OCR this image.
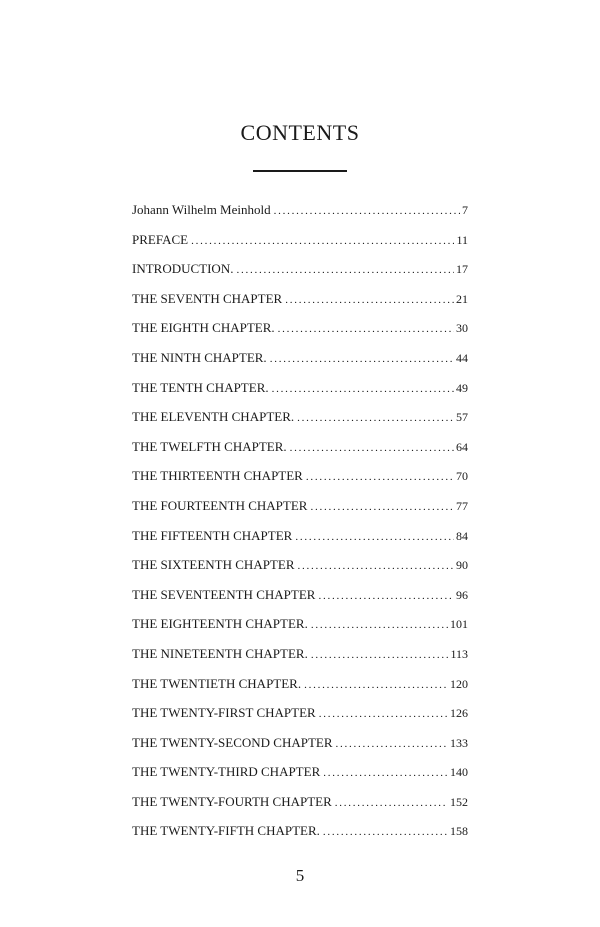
CONTENTS
Johann Wilhelm Meinhold . . .	7
PREFACE . . .	11
INTRODUCTION. . . .	17
THE SEVENTH CHAPTER . . .	21
THE EIGHTH CHAPTER. . . .	30
THE NINTH CHAPTER. . . .	44
THE TENTH CHAPTER. . . .	49
THE ELEVENTH CHAPTER. . . .	57
THE TWELFTH CHAPTER. . . .	64
THE THIRTEENTH CHAPTER . . .	70
THE FOURTEENTH CHAPTER . . .	77
THE FIFTEENTH CHAPTER . . .	84
THE SIXTEENTH CHAPTER . . .	90
THE SEVENTEENTH CHAPTER . . .	96
THE EIGHTEENTH CHAPTER. . . .	101
THE NINETEENTH CHAPTER. . . .	113
THE TWENTIETH CHAPTER. . . .	120
THE TWENTY-FIRST CHAPTER . . .	126
THE TWENTY-SECOND CHAPTER . . .	133
THE TWENTY-THIRD CHAPTER . . .	140
THE TWENTY-FOURTH CHAPTER . . .	152
THE TWENTY-FIFTH CHAPTER. . . .	158
5
